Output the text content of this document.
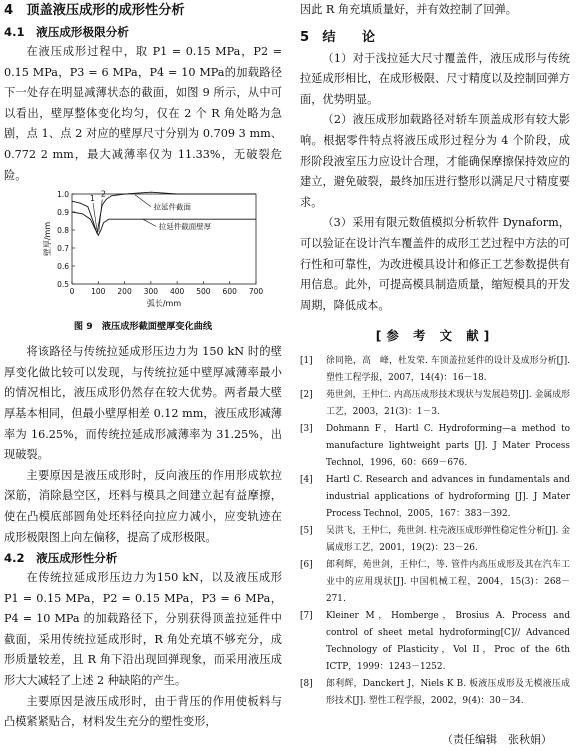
4　顶盖液压成形的成形性分析
4.1　液压成形极限分析

在液压成形过程中，取 P1 = 0.15 MPa，P2 = 0.15 MPa，P3 = 6 MPa，P4 = 10 MPa的加载路径下一处存在明显减薄状态的截面，如图 9 所示，从中可以看出，壁厚整体变化均匀，仅在 2 个 R 角处略为急剧，点 1、点 2 对应的壁厚尺寸分别为 0.709 3 mm、0.772 2 mm，最大减薄率仅为 11.33%，无破裂危险。

0.5
0.6
0.7
0.8
0.9
1.0
0 100 200 300 400 500 600 700
弧长/mm
壁厚/mm
拉延件截面
拉延件截面壁厚
1 2
图 9　液压成形截面壁厚变化曲线

将该路径与传统拉延成形压边力为 150 kN 时的壁厚变化做比较可以发现，与传统拉延中壁厚减薄率最小的情况相比，液压成形仍然存在较大优势。两者最大壁厚基本相同，但最小壁厚相差 0.12 mm，液压成形减薄率为 16.25%，而传统拉延成形减薄率为 31.25%，出现破裂。

主要原因是液压成形时，反向液压的作用形成软拉深筋，消除悬空区，坯料与模具之间建立起有益摩擦，使在凸模底部圆角处坯料径向拉应力减小，应变轨迹在成形极限图上向左偏移，提高了成形极限。

4.2　液压成形性分析

在传统拉延成形压边力为150 kN，以及液压成形 P1 = 0.15 MPa，P2 = 0.15 MPa，P3 = 6 MPa，P4 = 10 MPa 的加载路径下，分别获得顶盖拉延件中截面，采用传统拉延成形时，R 角处充填不够充分，成形质量较差，且 R 角下沿出现回弹现象，而采用液压成形大大减轻了上述 2 种缺陷的产生。

主要原因是液压成形时，由于背压的作用使板料与凸模紧紧贴合，材料发生充分的塑性变形，

因此 R 角充填质量好，并有效控制了回弹。

5　结　　论

（1）对于浅拉延大尺寸覆盖件，液压成形与传统拉延成形相比，在成形极限、尺寸精度以及控制回弹方面，优势明显。

（2）液压成形加载路径对轿车顶盖成形有较大影响。根据零件特点将液压成形过程分为 4 个阶段，成形阶段液室压力应设计合理，才能确保摩擦保持效应的建立，避免破裂，最终加压进行整形以满足尺寸精度要求。

（3）采用有限元数值模拟分析软件 Dynaform，可以验证在设计汽车覆盖件的成形工艺过程中方法的可行性和可靠性，为改进模具设计和修正工艺参数提供有用信息。此外，可提高模具制造质量，缩短模具的开发周期，降低成本。

[参 考 文 献]
[1]	徐同艳，高　峰，杜发荣. 车顶盖拉延件的设计及成形分析[J]. 塑性工程学报，2007，14(4)：16－18.
[2]	苑世剑，王仲仁. 内高压成形技术现状与发展趋势[J]. 金属成形工艺，2003，21(3)：1－3.
[3]	Dohmann F，Hartl C. Hydroforming—a method to manufacture lightweight parts [J]. J Mater Process Technol，1996，60：669－676.
[4]	Hartl C. Research and advances in fundamentals and industrial applications of hydroforming [J]. J Mater Process Technol，2005，167：383－392.
[5]	吴洪飞，王仲仁，苑世剑. 柱壳液压成形弹性稳定性分析[J]. 金属成形工艺，2001，19(2)：23－26.
[6]	郎利辉，苑世剑，王仲仁，等. 管件内高压成形及其在汽车工业中的应用现状[J]. 中国机械工程，2004，15(3)：268－271.
[7]	Kleiner M，Homberge，Brosius A. Process and control of sheet metal hydroforming[C]// Advanced Technology of Plasticity，Vol II，Proc of the 6th ICTP，1999：1243－1252.
[8]	郎利辉，Danckert J，Niels K B. 板液压成形及无模液压成形技术[J]. 塑性工程学报，2002，9(4)：30－34.
（责任编辑　张秋娟）
